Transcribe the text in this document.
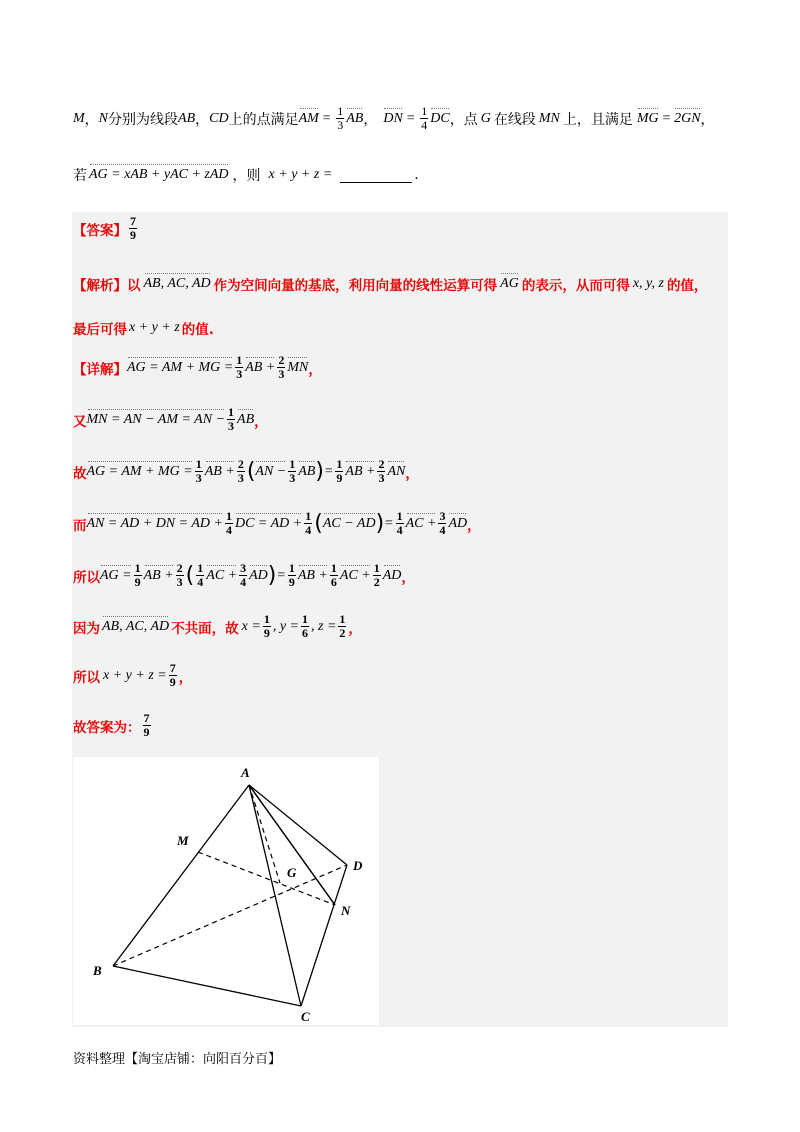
M ， N 分别为线段 AB ， CD 上的点满足 AM = $\frac{1}{3}$ AB ， DN = $\frac{1}{4}$ DC ，点 G 在线段 MN 上，且满足 MG = 2GN ，
若 AG = xAB + yAC + zAD ，则 x + y + z =	.
【答案】 $\frac{7}{9}$
【解析】 以 AB, AC, AD 作为空间向量的基底，利用向量的线性运算可得 AG 的表示，从而可得 x, y, z 的值，
最后可得 x + y + z 的值.
【详解】 AG = AM + MG = $\frac{1}{3}$ AB + $\frac{2}{3}$ MN ，
又 MN = AN − AM = AN − $\frac{1}{3}$ AB ，
故 AG = AM + MG = $\frac{1}{3}$ AB + $\frac{2}{3}$ ( AN − $\frac{1}{3}$ AB ) = $\frac{1}{9}$ AB + $\frac{2}{3}$ AN ，
而 AN = AD + DN = AD + $\frac{1}{4}$ DC = AD + $\frac{1}{4}$ ( AC − AD ) = $\frac{1}{4}$ AC + $\frac{3}{4}$ AD ，
所以 AG = $\frac{1}{9}$ AB + $\frac{2}{3}$ ( $\frac{1}{4}$ AC + $\frac{3}{4}$ AD ) = $\frac{1}{9}$ AB + $\frac{1}{6}$ AC + $\frac{1}{2}$ AD ，
因为 AB, AC, AD 不共面，故 $x = \frac{1}{9}$ , $y = \frac{1}{6}$ , $z = \frac{1}{2}$ ，
所以 $x + y + z = \frac{7}{9}$ ，
故答案为： $\frac{7}{9}$
A
B
C
D
M
N
G
资料整理【淘宝店铺：向阳百分百】
